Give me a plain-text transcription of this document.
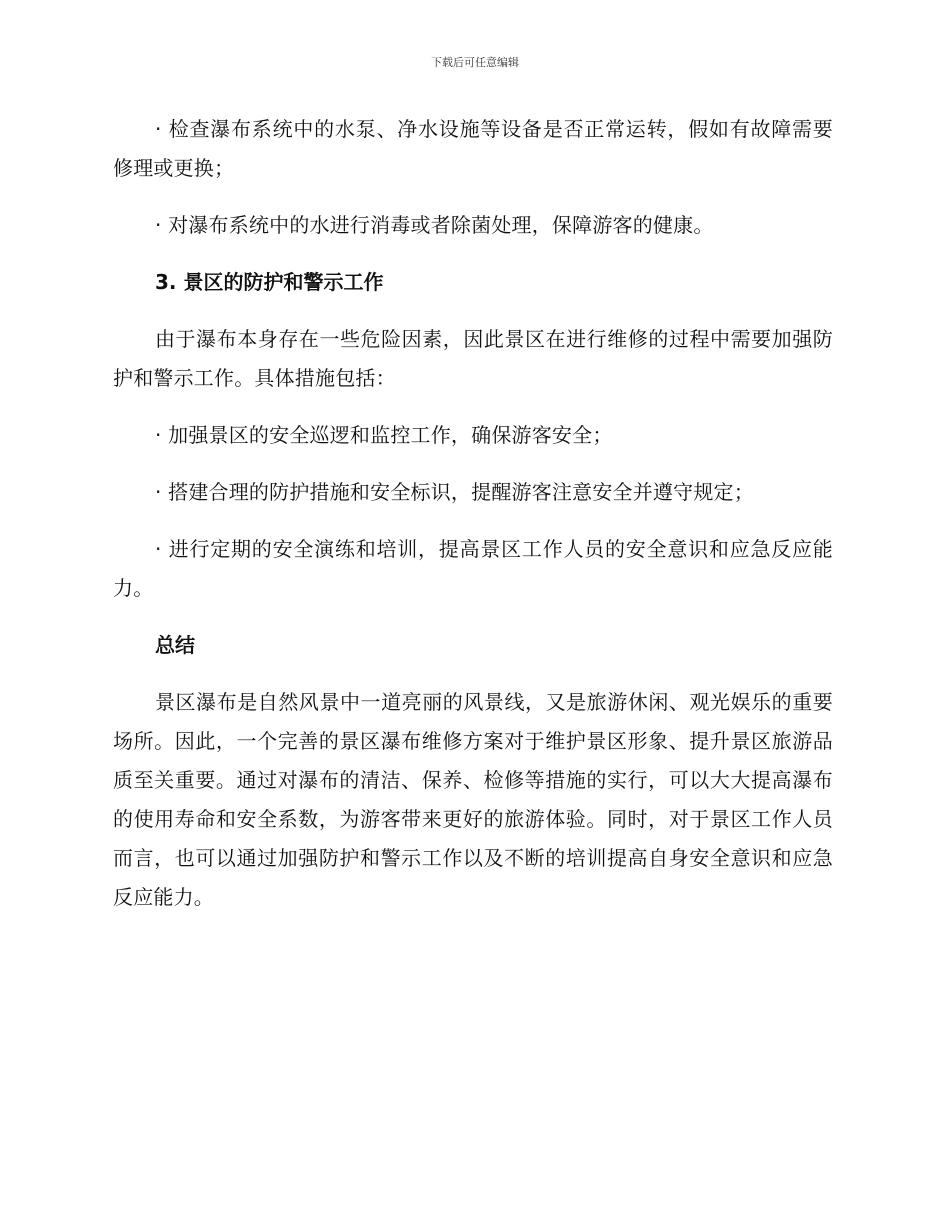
下载后可任意编辑

· 检查瀑布系统中的水泵、净水设施等设备是否正常运转，假如有故障需要修理或更换；

· 对瀑布系统中的水进行消毒或者除菌处理，保障游客的健康。

3. 景区的防护和警示工作

由于瀑布本身存在一些危险因素，因此景区在进行维修的过程中需要加强防护和警示工作。具体措施包括：

· 加强景区的安全巡逻和监控工作，确保游客安全；

· 搭建合理的防护措施和安全标识，提醒游客注意安全并遵守规定；

· 进行定期的安全演练和培训，提高景区工作人员的安全意识和应急反应能力。

总结

景区瀑布是自然风景中一道亮丽的风景线，又是旅游休闲、观光娱乐的重要场所。因此，一个完善的景区瀑布维修方案对于维护景区形象、提升景区旅游品质至关重要。通过对瀑布的清洁、保养、检修等措施的实行，可以大大提高瀑布的使用寿命和安全系数，为游客带来更好的旅游体验。同时，对于景区工作人员而言，也可以通过加强防护和警示工作以及不断的培训提高自身安全意识和应急反应能力。
